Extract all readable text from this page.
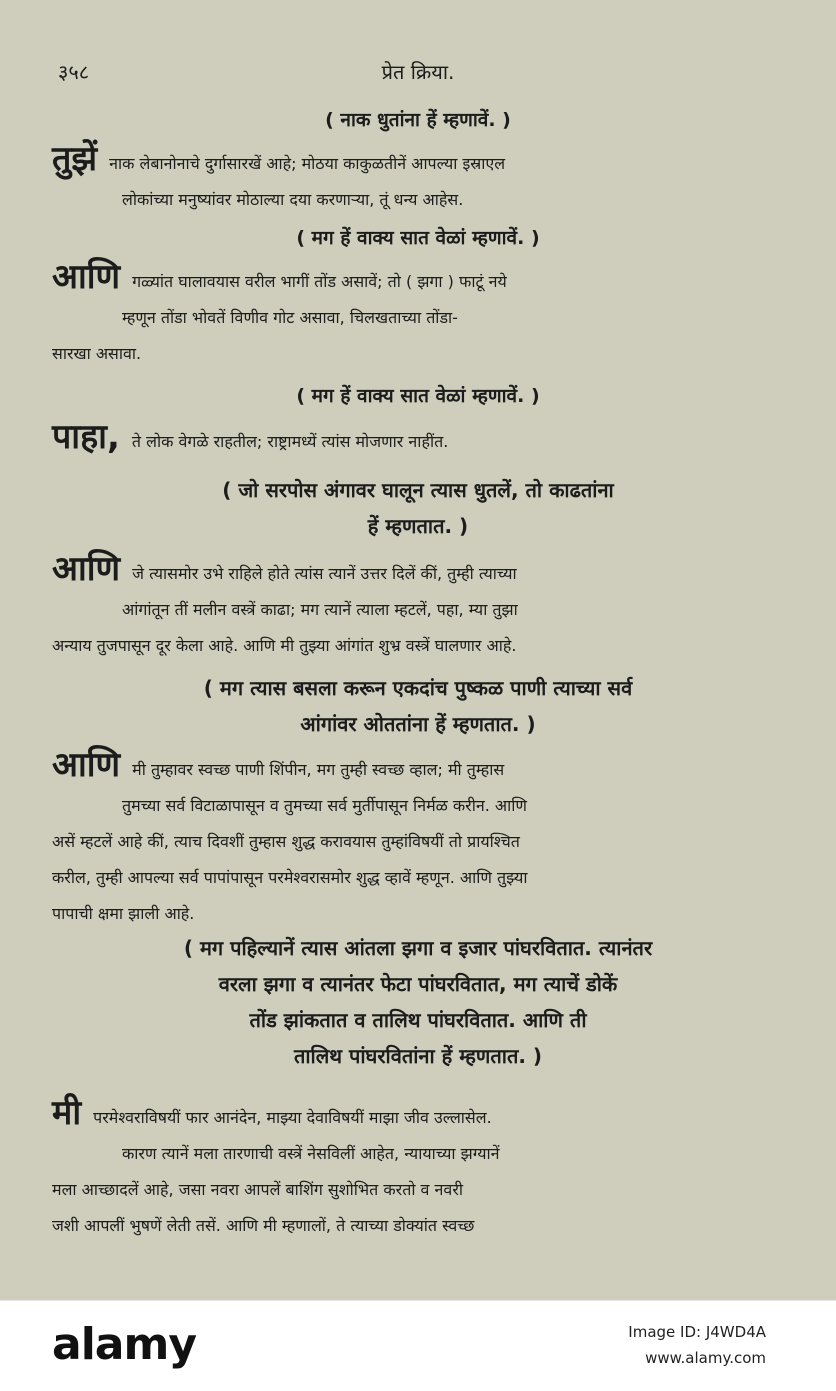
३५८	प्रेत क्रिया.
( नाक धुतांना हें म्हणावें. )
तुझें नाक लेबानोनाचे दुर्गासारखें आहे; मोठया काकुळतीनें आपल्या इस्राएल
लोकांच्या मनुष्यांवर मोठाल्या दया करणाऱ्या, तूं धन्य आहेस.
( मग हें वाक्य सात वेळां म्हणावें. )
आणि गळ्यांत घालावयास वरील भागीं तोंड असावें; तो ( झगा ) फाटूं नये
म्हणून तोंडा भोवतें विणीव गोट असावा, चिलखताच्या तोंडा-
सारखा असावा.
( मग हें वाक्य सात वेळां म्हणावें. )
पाहा, ते लोक वेगळे राहतील; राष्ट्रामध्यें त्यांस मोजणार नाहींत.
( जो सरपोस अंगावर घालून त्यास धुतलें, तो काढतांना
हें म्हणतात. )
आणि जे त्यासमोर उभे राहिले होते त्यांस त्यानें उत्तर दिलें कीं, तुम्ही त्याच्या
आंगांतून तीं मलीन वस्त्रें काढा; मग त्यानें त्याला म्हटलें, पहा, म्या तुझा
अन्याय तुजपासून दूर केला आहे. आणि मी तुझ्या आंगांत शुभ्र वस्त्रें घालणार आहे.
( मग त्यास बसला करून एकदांच पुष्कळ पाणी त्याच्या सर्व
आंगांवर ओततांना हें म्हणतात. )
आणि मी तुम्हावर स्वच्छ पाणी शिंपीन, मग तुम्ही स्वच्छ व्हाल; मी तुम्हास
तुमच्या सर्व विटाळापासून व तुमच्या सर्व मुर्तीपासून निर्मळ करीन. आणि
असें म्हटलें आहे कीं, त्याच दिवशीं तुम्हास शुद्ध करावयास तुम्हांविषयीं तो प्रायश्चित
करील, तुम्ही आपल्या सर्व पापांपासून परमेश्वरासमोर शुद्ध व्हावें म्हणून. आणि तुझ्या
पापाची क्षमा झाली आहे.
( मग पहिल्यानें त्यास आंतला झगा व इजार पांघरवितात. त्यानंतर
वरला झगा व त्यानंतर फेटा पांघरवितात, मग त्याचें डोकें
तोंड झांकतात व तालिथ पांघरवितात. आणि ती
तालिथ पांघरवितांना हें म्हणतात. )
मी परमेश्वराविषयीं फार आनंदेन, माझ्या देवाविषयीं माझा जीव उल्लासेल.
कारण त्यानें मला तारणाची वस्त्रें नेसविलीं आहेत, न्यायाच्या झग्यानें
मला आच्छादलें आहे, जसा नवरा आपलें बाशिंग सुशोभित करतो व नवरी
जशी आपलीं भुषणें लेती तसें. आणि मी म्हणालों, ते त्याच्या डोक्यांत स्वच्छ
alamy	Image ID: J4WD4A
www.alamy.com
